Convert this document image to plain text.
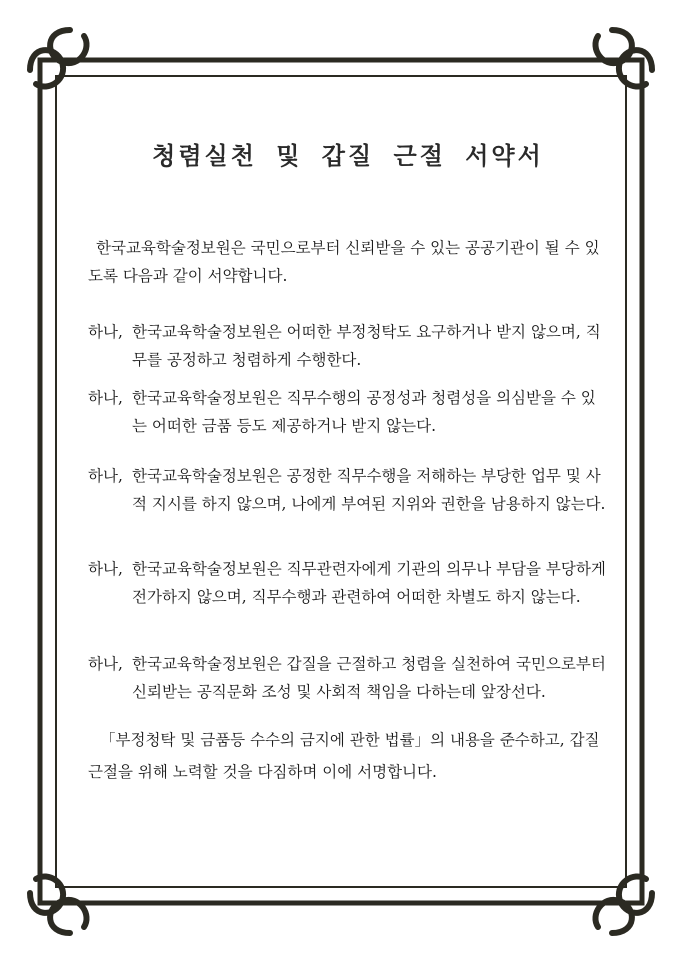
청렴실천 및 갑질 근절 서약서
한국교육학술정보원은 국민으로부터 신뢰받을 수 있는 공공기관이 될 수 있도록 다음과 같이 서약합니다.
하나, 한국교육학술정보원은 어떠한 부정청탁도 요구하거나 받지 않으며, 직무를 공정하고 청렴하게 수행한다.
하나, 한국교육학술정보원은 직무수행의 공정성과 청렴성을 의심받을 수 있는 어떠한 금품 등도 제공하거나 받지 않는다.
하나, 한국교육학술정보원은 공정한 직무수행을 저해하는 부당한 업무 및 사적 지시를 하지 않으며, 나에게 부여된 지위와 권한을 남용하지 않는다.
하나, 한국교육학술정보원은 직무관련자에게 기관의 의무나 부담을 부당하게 전가하지 않으며, 직무수행과 관련하여 어떠한 차별도 하지 않는다.
하나, 한국교육학술정보원은 갑질을 근절하고 청렴을 실천하여 국민으로부터 신뢰받는 공직문화 조성 및 사회적 책임을 다하는데 앞장선다.
「부정청탁 및 금품등 수수의 금지에 관한 법률」의 내용을 준수하고, 갑질 근절을 위해 노력할 것을 다짐하며 이에 서명합니다.
